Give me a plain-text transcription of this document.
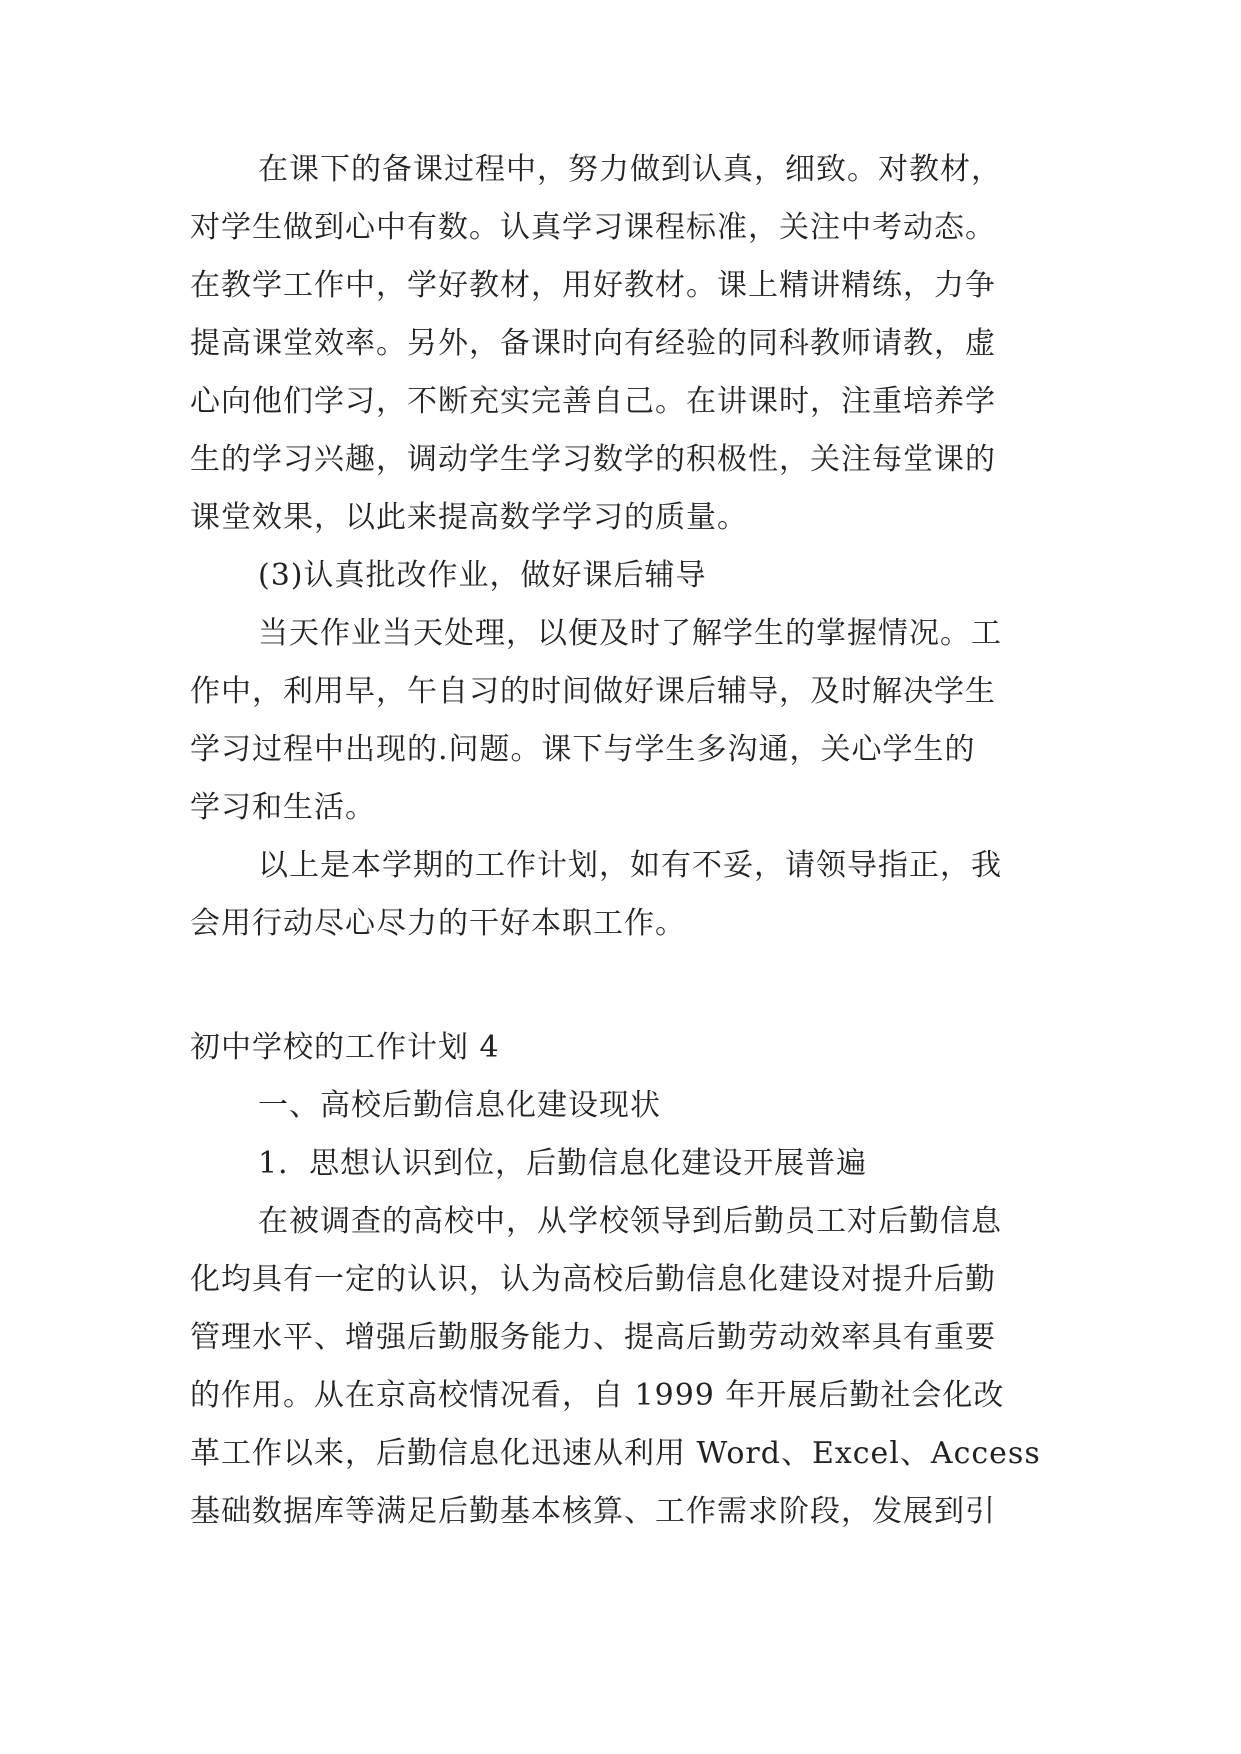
在课下的备课过程中，努力做到认真，细致。对教材，
对学生做到心中有数。认真学习课程标准，关注中考动态。
在教学工作中，学好教材，用好教材。课上精讲精练，力争
提高课堂效率。另外，备课时向有经验的同科教师请教，虚
心向他们学习，不断充实完善自己。在讲课时，注重培养学
生的学习兴趣，调动学生学习数学的积极性，关注每堂课的
课堂效果，以此来提高数学学习的质量。
(3)认真批改作业，做好课后辅导
当天作业当天处理，以便及时了解学生的掌握情况。工
作中，利用早，午自习的时间做好课后辅导，及时解决学生
学习过程中出现的.问题。课下与学生多沟通，关心学生的
学习和生活。
以上是本学期的工作计划，如有不妥，请领导指正，我
会用行动尽心尽力的干好本职工作。
初中学校的工作计划 4
一、高校后勤信息化建设现状
1．思想认识到位，后勤信息化建设开展普遍
在被调查的高校中，从学校领导到后勤员工对后勤信息
化均具有一定的认识，认为高校后勤信息化建设对提升后勤
管理水平、增强后勤服务能力、提高后勤劳动效率具有重要
的作用。从在京高校情况看，自 1999 年开展后勤社会化改
革工作以来，后勤信息化迅速从利用 Word、Excel、Access
基础数据库等满足后勤基本核算、工作需求阶段，发展到引
